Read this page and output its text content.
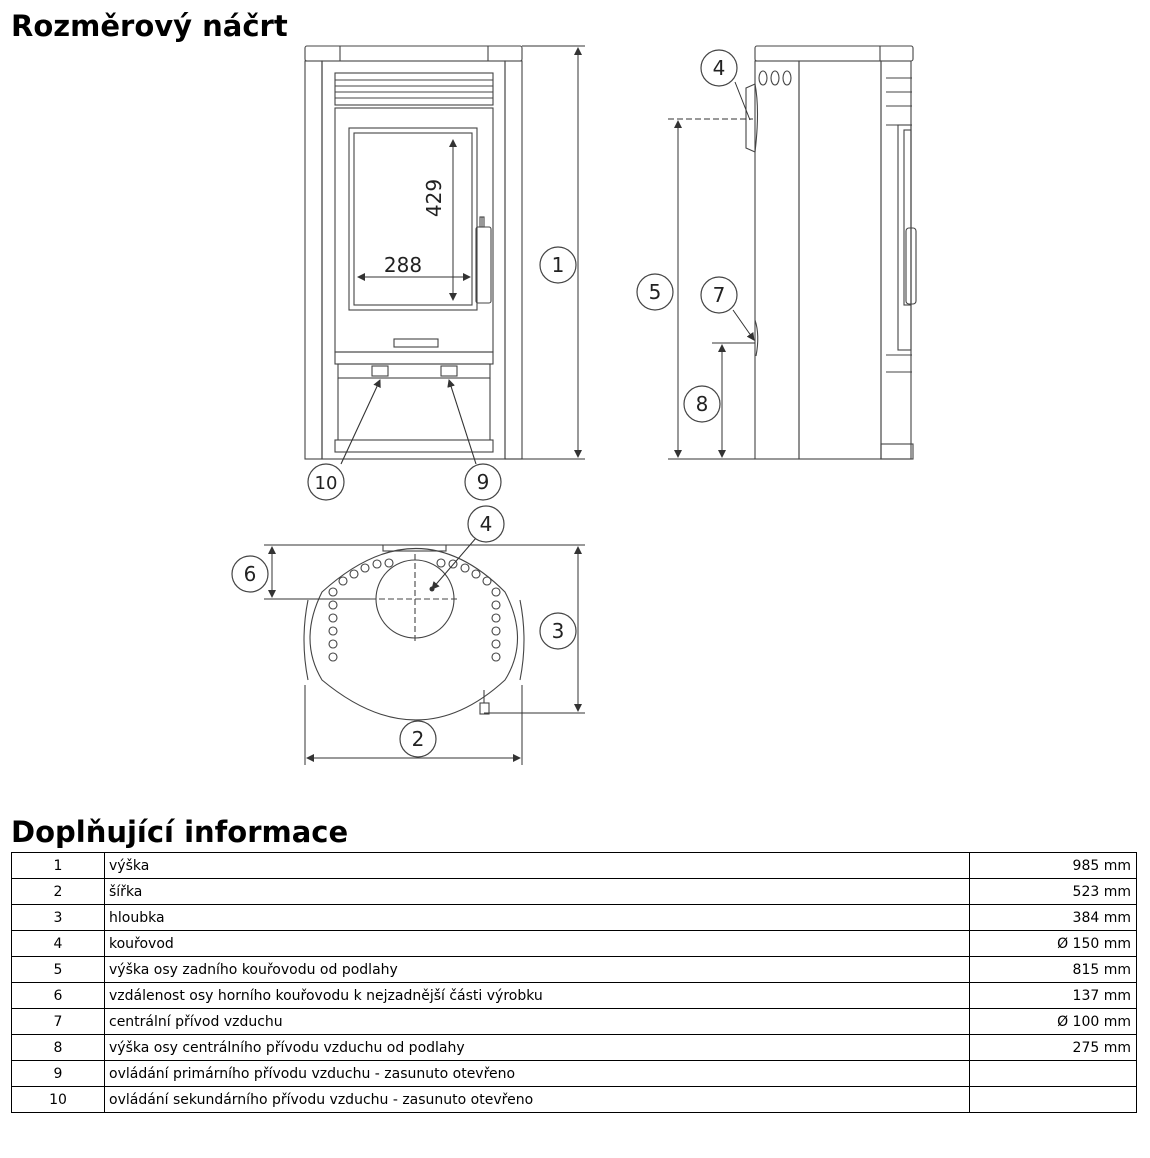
Rozměrový náčrt
429
288	1
10	9
4
5	7
8
4
6
3
2
Doplňující informace
1	výška	985 mm
2	šířka	523 mm
3	hloubka	384 mm
4	kouřovod	Ø 150 mm
5	výška osy zadního kouřovodu od podlahy	815 mm
6	vzdálenost osy horního kouřovodu k nejzadnější části výrobku	137 mm
7	centrální přívod vzduchu	Ø 100 mm
8	výška osy centrálního přívodu vzduchu od podlahy	275 mm
9	ovládání primárního přívodu vzduchu - zasunuto otevřeno	
10	ovládání sekundárního přívodu vzduchu - zasunuto otevřeno	
